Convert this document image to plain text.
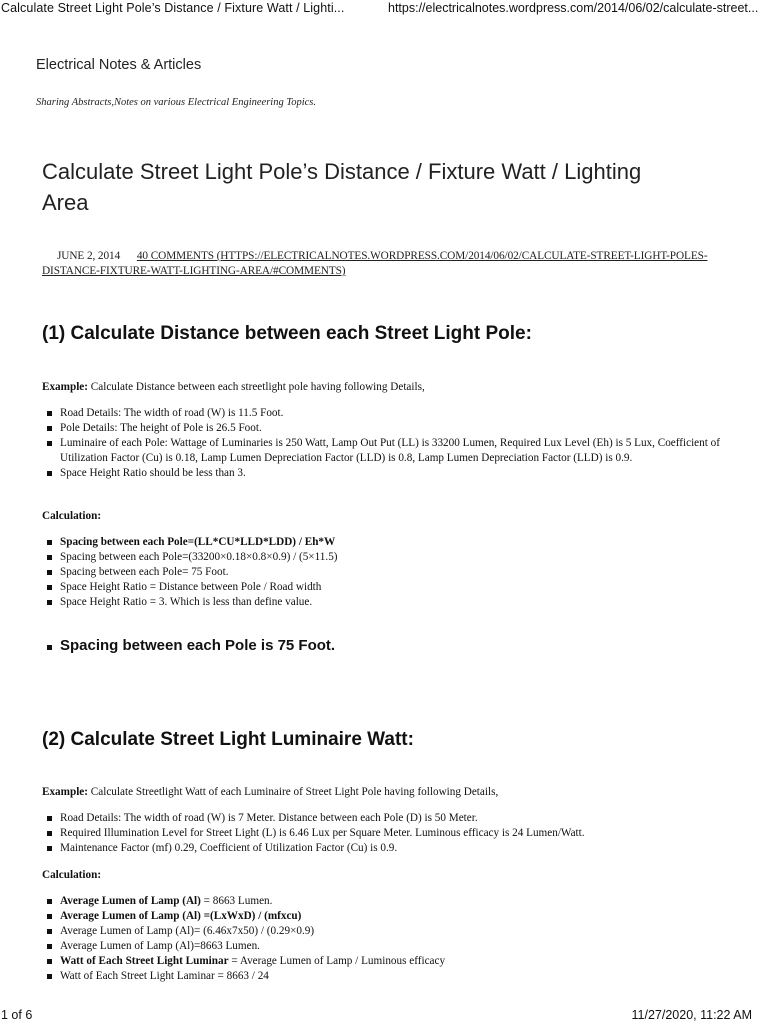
Calculate Street Light Pole’s Distance / Fixture Watt / Lighti...	https://electricalnotes.wordpress.com/2014/06/02/calculate-street...
Electrical Notes & Articles
Sharing Abstracts,Notes on various Electrical Engineering Topics.
Calculate Street Light Pole’s Distance / Fixture Watt / Lighting Area
JUNE 2, 2014 40 COMMENTS (HTTPS://ELECTRICALNOTES.WORDPRESS.COM/2014/06/02/CALCULATE-STREET-LIGHT-POLES-DISTANCE-FIXTURE-WATT-LIGHTING-AREA/#COMMENTS)
(1) Calculate Distance between each Street Light Pole:

Example: Calculate Distance between each streetlight pole having following Details,

Road Details: The width of road (W) is 11.5 Foot.
Pole Details: The height of Pole is 26.5 Foot.
Luminaire of each Pole: Wattage of Luminaries is 250 Watt, Lamp Out Put (LL) is 33200 Lumen, Required Lux Level (Eh) is 5 Lux, Coefficient of Utilization Factor (Cu) is 0.18, Lamp Lumen Depreciation Factor (LLD) is 0.8, Lamp Lumen Depreciation Factor (LLD) is 0.9.
Space Height Ratio should be less than 3.

Calculation:

Spacing between each Pole=(LL*CU*LLD*LDD) / Eh*W
Spacing between each Pole=(33200×0.18×0.8×0.9) / (5×11.5)
Spacing between each Pole= 75 Foot.
Space Height Ratio = Distance between Pole / Road width
Space Height Ratio = 3. Which is less than define value.

Spacing between each Pole is 75 Foot.

(2) Calculate Street Light Luminaire Watt:

Example: Calculate Streetlight Watt of each Luminaire of Street Light Pole having following Details,

Road Details: The width of road (W) is 7 Meter. Distance between each Pole (D) is 50 Meter.
Required Illumination Level for Street Light (L) is 6.46 Lux per Square Meter. Luminous efficacy is 24 Lumen/Watt.
Maintenance Factor (mf) 0.29, Coefficient of Utilization Factor (Cu) is 0.9.

Calculation:

Average Lumen of Lamp (Al) = 8663 Lumen.
Average Lumen of Lamp (Al) =(LxWxD) / (mfxcu)
Average Lumen of Lamp (Al)= (6.46x7x50) / (0.29×0.9)
Average Lumen of Lamp (Al)=8663 Lumen.
Watt of Each Street Light Luminar = Average Lumen of Lamp / Luminous efficacy
Watt of Each Street Light Laminar = 8663 / 24
1 of 6	11/27/2020, 11:22 AM
